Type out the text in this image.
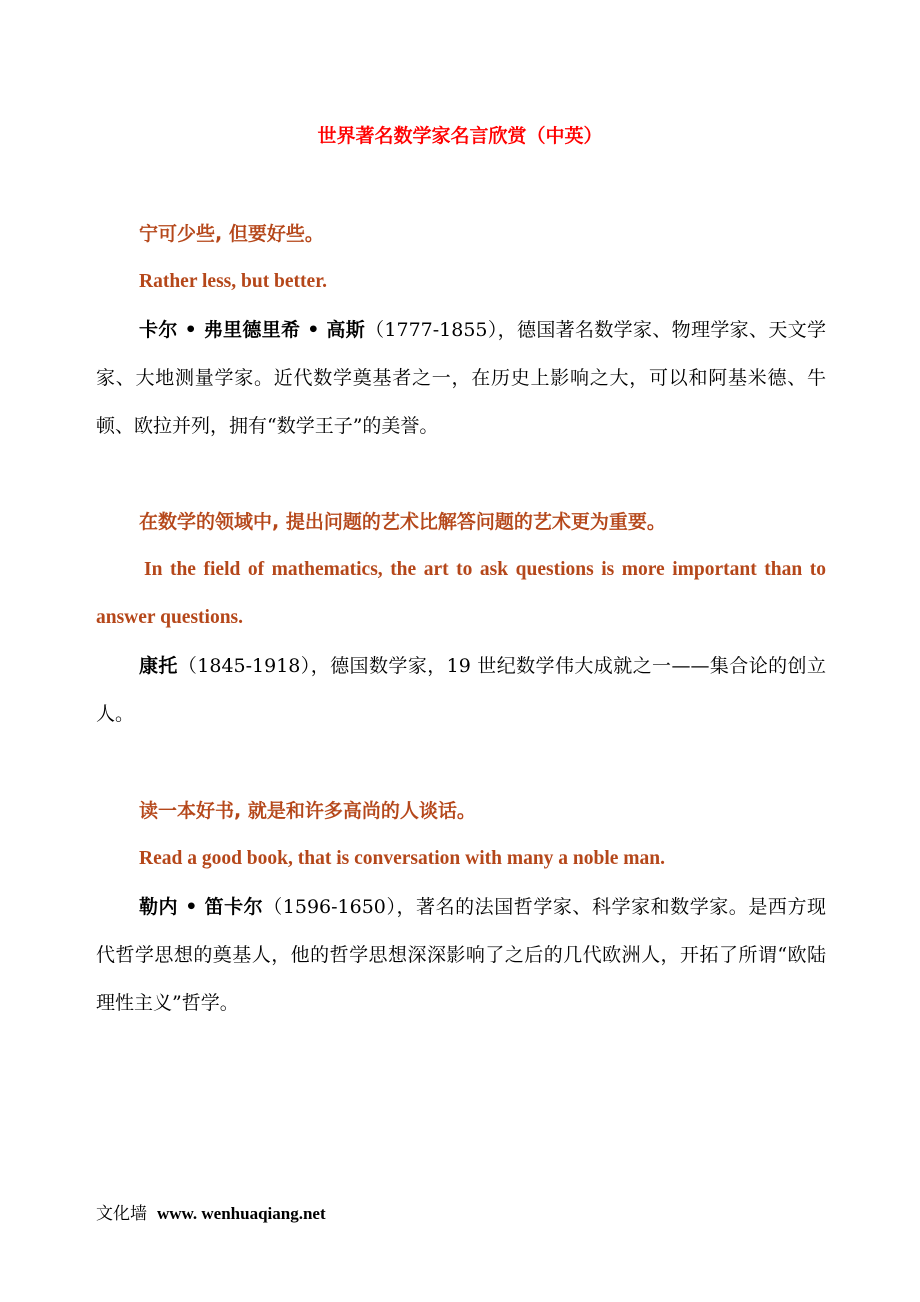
世界著名数学家名言欣赏（中英）
宁可少些, 但要好些。
Rather less, but better.
卡尔 • 弗里德里希 • 高斯（1777-1855），德国著名数学家、物理学家、天文学家、大地测量学家。近代数学奠基者之一，在历史上影响之大，可以和阿基米德、牛顿、欧拉并列，拥有“数学王子”的美誉。
在数学的领域中, 提出问题的艺术比解答问题的艺术更为重要。
In the field of mathematics, the art to ask questions is more important than to answer questions.
康托（1845-1918），德国数学家，19 世纪数学伟大成就之一——集合论的创立人。
读一本好书, 就是和许多高尚的人谈话。
Read a good book, that is conversation with many a noble man.
勒内 • 笛卡尔（1596-1650），著名的法国哲学家、科学家和数学家。是西方现代哲学思想的奠基人，他的哲学思想深深影响了之后的几代欧洲人，开拓了所谓“欧陆理性主义”哲学。
文化墙 www. wenhuaqiang.net
